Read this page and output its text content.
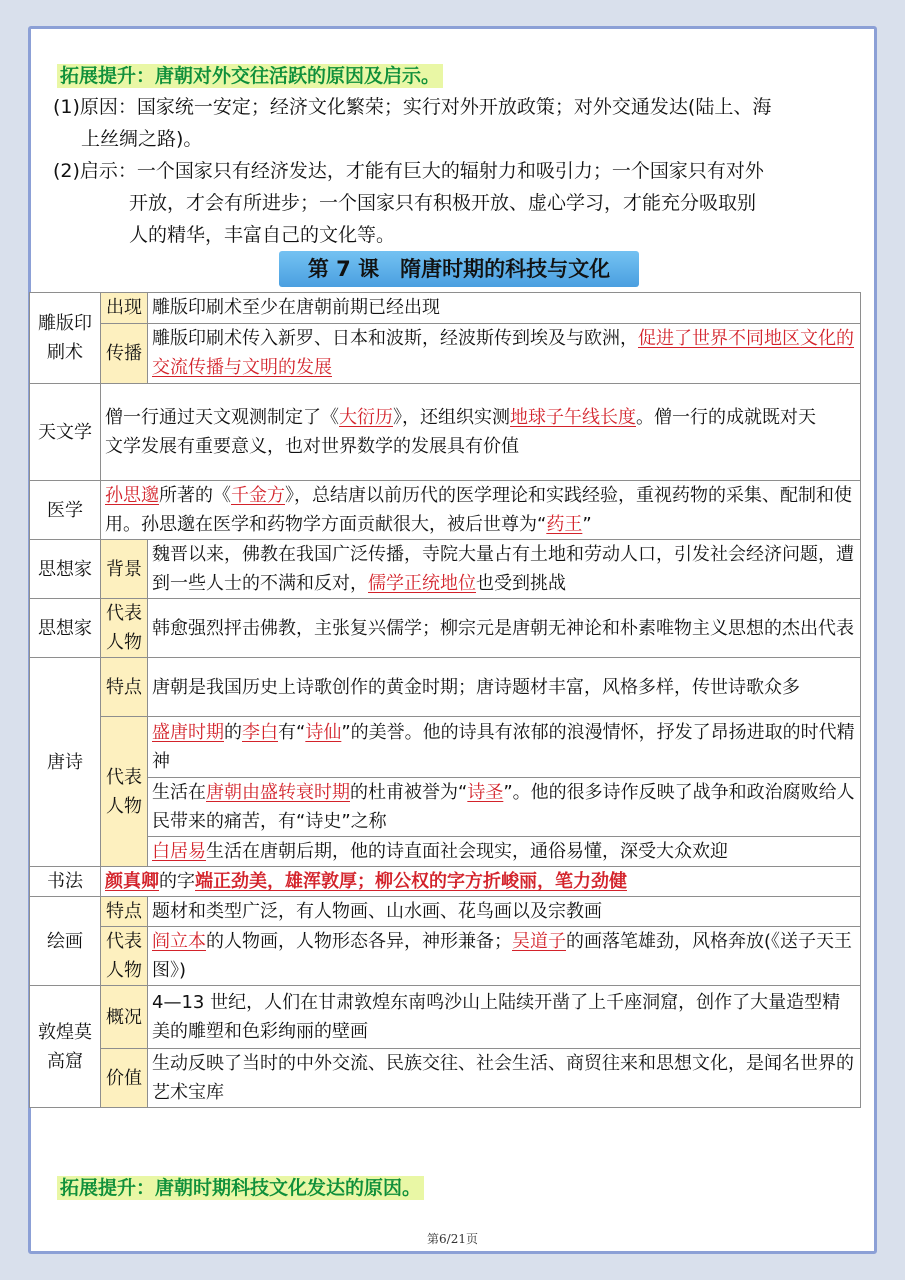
拓展提升：唐朝对外交往活跃的原因及启示。
(1)原因：国家统一安定；经济文化繁荣；实行对外开放政策；对外交通发达(陆上、海
上丝绸之路)。
(2)启示：一个国家只有经济发达，才能有巨大的辐射力和吸引力；一个国家只有对外
开放，才会有所进步；一个国家只有积极开放、虚心学习，才能充分吸取别
人的精华，丰富自己的文化等。
第 7 课　隋唐时期的科技与文化
雕版印刷术	出现	雕版印刷术至少在唐朝前期已经出现
	传播	雕版印刷术传入新罗、日本和波斯，经波斯传到埃及与欧洲，促进了世界不同地区文化的交流传播与文明的发展
天文学	僧一行通过天文观测制定了《大衍历》，还组织实测地球子午线长度。僧一行的成就既对天
文学发展有重要意义，也对世界数学的发展具有价值	
医学	孙思邈所著的《千金方》，总结唐以前历代的医学理论和实践经验，重视药物的采集、配制和使用。孙思邈在医学和药物学方面贡献很大，被后世尊为“药王”	
思想家	背景	魏晋以来，佛教在我国广泛传播，寺院大量占有土地和劳动人口，引发社会经济问题，遭到一些人士的不满和反对，儒学正统地位也受到挑战
思想家	代表人物	韩愈强烈抨击佛教，主张复兴儒学；柳宗元是唐朝无神论和朴素唯物主义思想的杰出代表
唐诗	特点	唐朝是我国历史上诗歌创作的黄金时期；唐诗题材丰富，风格多样，传世诗歌众多
	代表人物	盛唐时期的李白有“诗仙”的美誉。他的诗具有浓郁的浪漫情怀，抒发了昂扬进取的时代精神
		生活在唐朝由盛转衰时期的杜甫被誉为“诗圣”。他的很多诗作反映了战争和政治腐败给人民带来的痛苦，有“诗史”之称
		白居易生活在唐朝后期，他的诗直面社会现实，通俗易懂，深受大众欢迎
书法	颜真卿的字端正劲美，雄浑敦厚；柳公权的字方折峻丽，笔力劲健	
绘画	特点	题材和类型广泛，有人物画、山水画、花鸟画以及宗教画
	代表人物	阎立本的人物画，人物形态各异，神形兼备；吴道子的画落笔雄劲，风格奔放(《送子天王图》)
敦煌莫高窟	概况	4—13 世纪，人们在甘肃敦煌东南鸣沙山上陆续开凿了上千座洞窟，创作了大量造型精美的雕塑和色彩绚丽的壁画
	价值	生动反映了当时的中外交流、民族交往、社会生活、商贸往来和思想文化，是闻名世界的艺术宝库
拓展提升：唐朝时期科技文化发达的原因。
第6/21页
